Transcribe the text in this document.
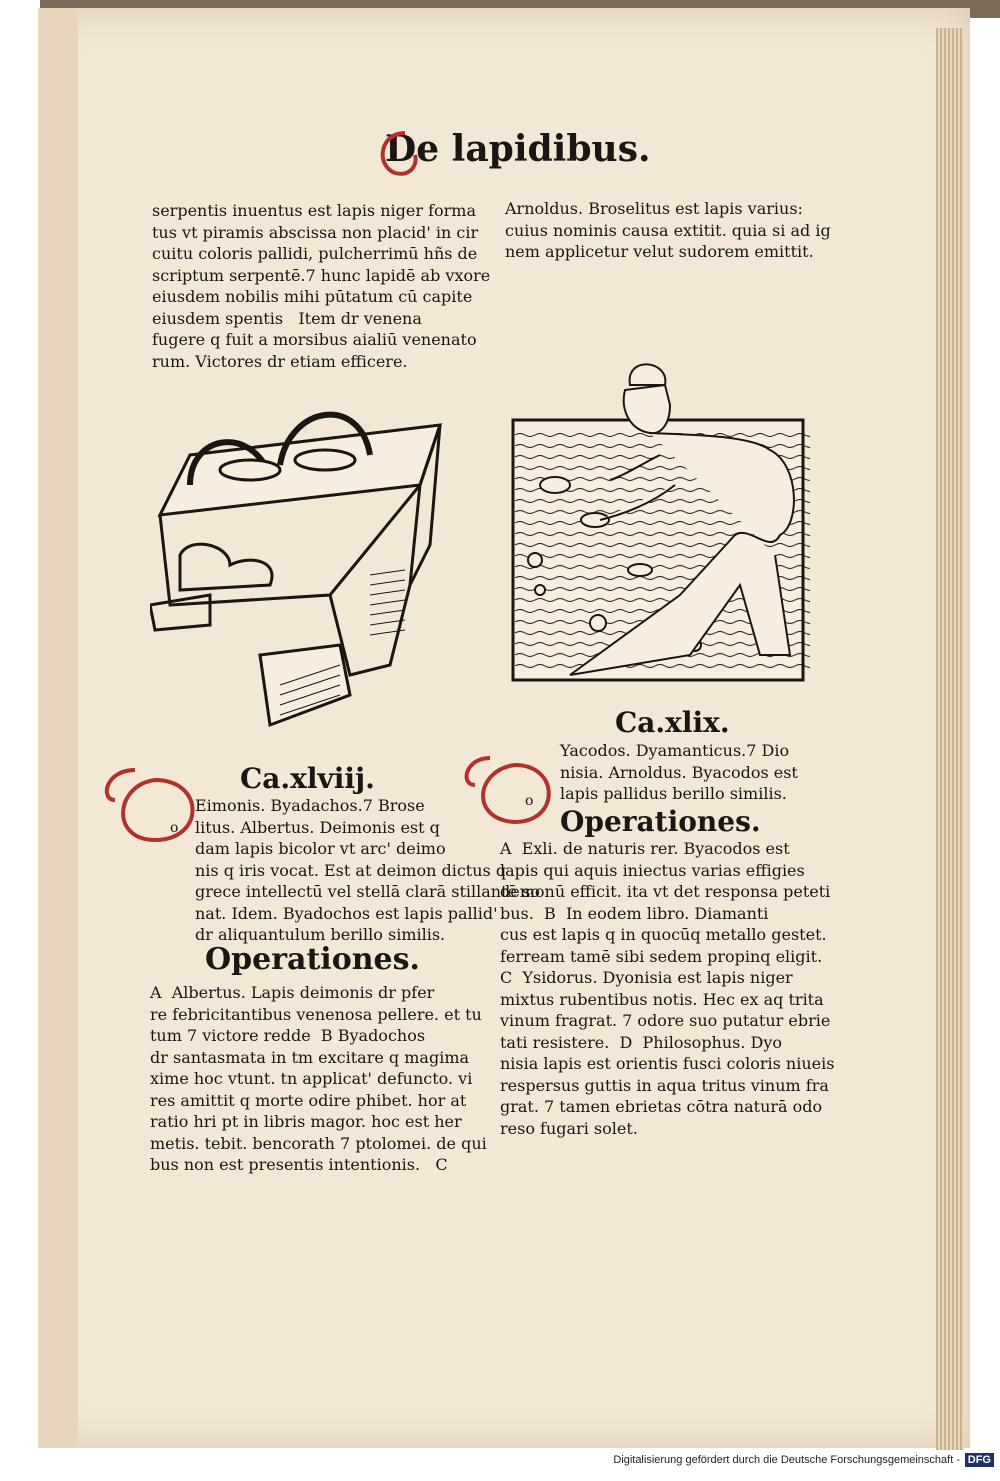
De lapidibus.
serpentis inuentus est lapis niger forma
tus vt piramis abscissa non placid' in cir
cuitu coloris pallidi, pulcherrimū hñs de
scriptum serpentē.7 hunc lapidē ab vxore
eiusdem nobilis mihi pūtatum cū capite
eiusdem spentis   Item dr venena
fugere q fuit a morsibus aialiū venenato
rum. Victores dr etiam efficere.
Arnoldus. Broselitus est lapis varius:
cuius nominis causa extitit. quia si ad ig
nem applicetur velut sudorem emittit.
o
Ca.xlviij.
Eimonis. Byadachos.7 Brose
litus. Albertus. Deimonis est q
dam lapis bicolor vt arc' deimo
nis q iris vocat. Est at deimon dictus q
grece intellectū vel stellā clarā stillantē so
nat. Idem. Byadochos est lapis pallid'
dr aliquantulum berillo similis.
Operationes.
A  Albertus. Lapis deimonis dr pfer
re febricitantibus venenosa pellere. et tu
tum 7 victore redde  B Byadochos
dr santasmata in tm excitare q magima
xime hoc vtunt. tn applicat' defuncto. vi
res amittit q morte odire phibet. hor at
ratio hri pt in libris magor. hoc est her
metis. tebit. bencorath 7 ptolomei. de qui
bus non est presentis intentionis.   C
o
Ca.xlix.
Yacodos. Dyamanticus.7 Dio
nisia. Arnoldus. Byacodos est
lapis pallidus berillo similis.
Operationes.
A  Exli. de naturis rer. Byacodos est
lapis qui aquis iniectus varias effigies
demonū efficit. ita vt det responsa peteti
bus.  B  In eodem libro. Diamanti
cus est lapis q in quocūq metallo gestet.
ferream tamē sibi sedem propinq eligit.
C  Ysidorus. Dyonisia est lapis niger
mixtus rubentibus notis. Hec ex aq trita
vinum fragrat. 7 odore suo putatur ebrie
tati resistere.  D  Philosophus. Dyo
nisia lapis est orientis fusci coloris niueis
respersus guttis in aqua tritus vinum fra
grat. 7 tamen ebrietas cōtra naturā odo
reso fugari solet.
Digitalisierung gefördert durch die Deutsche Forschungsgemeinschaft - DFG
